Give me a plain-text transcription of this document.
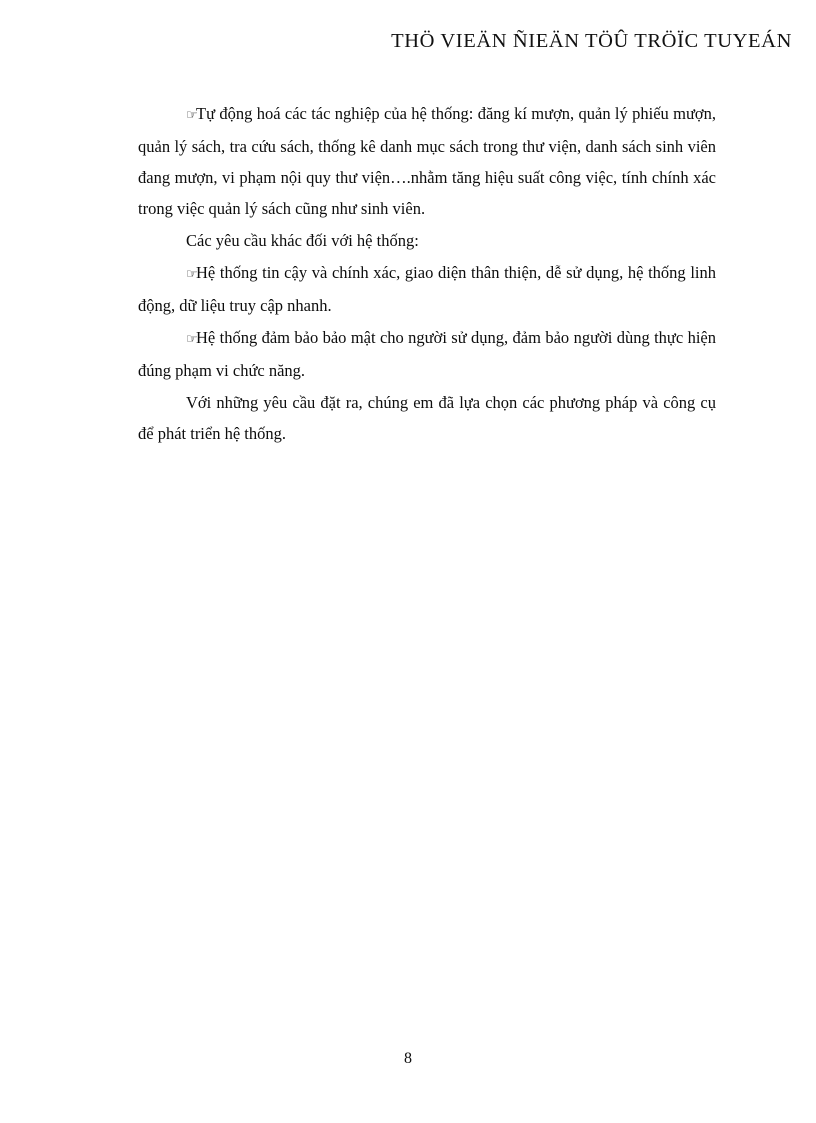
THÖ VIEÄN ÑIEÄN TÖÛ TRÖÏC TUYEÁN

☞Tự động hoá các tác nghiệp của hệ thống: đăng kí mượn, quản lý phiếu mượn, quản lý sách, tra cứu sách, thống kê danh mục sách trong thư viện, danh sách sinh viên đang mượn, vi phạm nội quy thư viện….nhằm tăng hiệu suất công việc, tính chính xác trong việc quản lý sách cũng như sinh viên.

Các yêu cầu khác đối với hệ thống:

☞Hệ thống tin cậy và chính xác, giao diện thân thiện, dễ sử dụng, hệ thống linh động, dữ liệu truy cập nhanh.

☞Hệ thống đảm bảo bảo mật cho người sử dụng, đảm bảo người dùng thực hiện đúng phạm vi chức năng.

Với những yêu cầu đặt ra, chúng em đã lựa chọn các phương pháp và công cụ để phát triển hệ thống.

8
